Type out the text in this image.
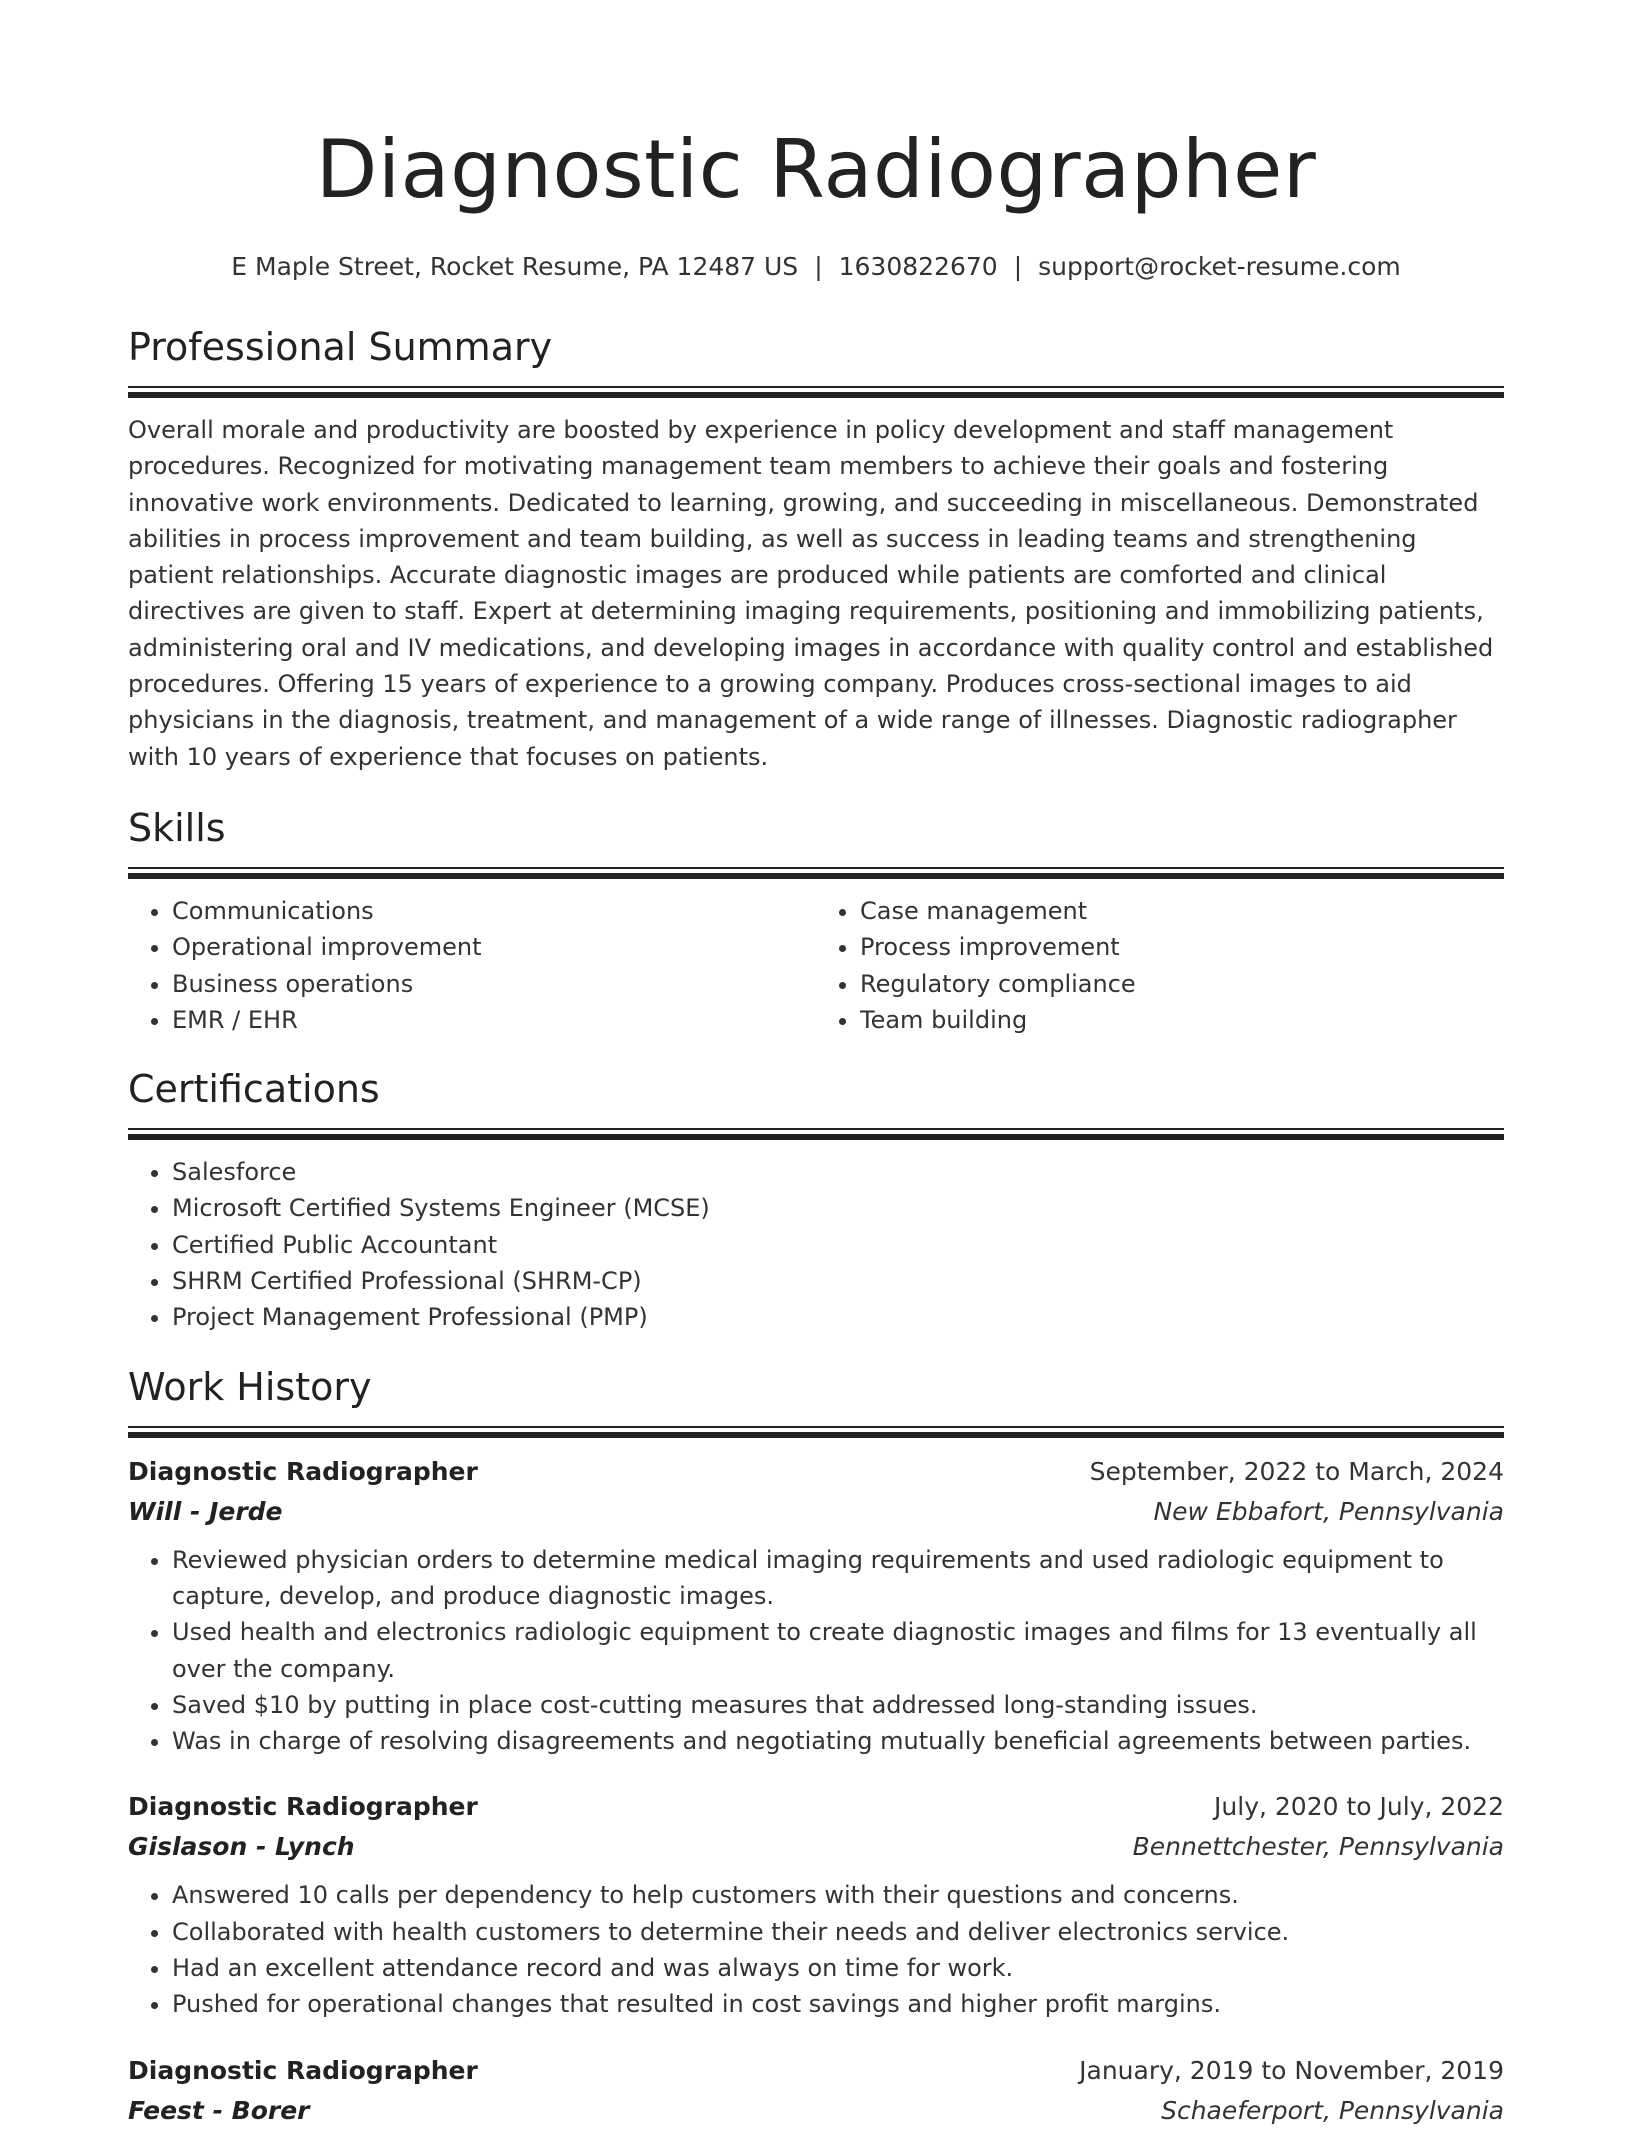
Diagnostic Radiographer
E Maple Street, Rocket Resume, PA 12487 US | 1630822670 | support@rocket-resume.com
Professional Summary
Overall morale and productivity are boosted by experience in policy development and staff management procedures. Recognized for motivating management team members to achieve their goals and fostering innovative work environments. Dedicated to learning, growing, and succeeding in miscellaneous. Demonstrated abilities in process improvement and team building, as well as success in leading teams and strengthening patient relationships. Accurate diagnostic images are produced while patients are comforted and clinical directives are given to staff. Expert at determining imaging requirements, positioning and immobilizing patients, administering oral and IV medications, and developing images in accordance with quality control and established procedures. Offering 15 years of experience to a growing company. Produces cross-sectional images to aid physicians in the diagnosis, treatment, and management of a wide range of illnesses. Diagnostic radiographer with 10 years of experience that focuses on patients.
Skills
• Communications
• Operational improvement
• Business operations
• EMR / EHR
• Case management
• Process improvement
• Regulatory compliance
• Team building
Certifications
• Salesforce
• Microsoft Certified Systems Engineer (MCSE)
• Certified Public Accountant
• SHRM Certified Professional (SHRM-CP)
• Project Management Professional (PMP)
Work History
Diagnostic Radiographer	September, 2022 to March, 2024
Will - Jerde	New Ebbafort, Pennsylvania
• Reviewed physician orders to determine medical imaging requirements and used radiologic equipment to capture, develop, and produce diagnostic images.
• Used health and electronics radiologic equipment to create diagnostic images and films for 13 eventually all over the company.
• Saved $10 by putting in place cost-cutting measures that addressed long-standing issues.
• Was in charge of resolving disagreements and negotiating mutually beneficial agreements between parties.
Diagnostic Radiographer	July, 2020 to July, 2022
Gislason - Lynch	Bennettchester, Pennsylvania
• Answered 10 calls per dependency to help customers with their questions and concerns.
• Collaborated with health customers to determine their needs and deliver electronics service.
• Had an excellent attendance record and was always on time for work.
• Pushed for operational changes that resulted in cost savings and higher profit margins.
Diagnostic Radiographer	January, 2019 to November, 2019
Feest - Borer	Schaeferport, Pennsylvania
